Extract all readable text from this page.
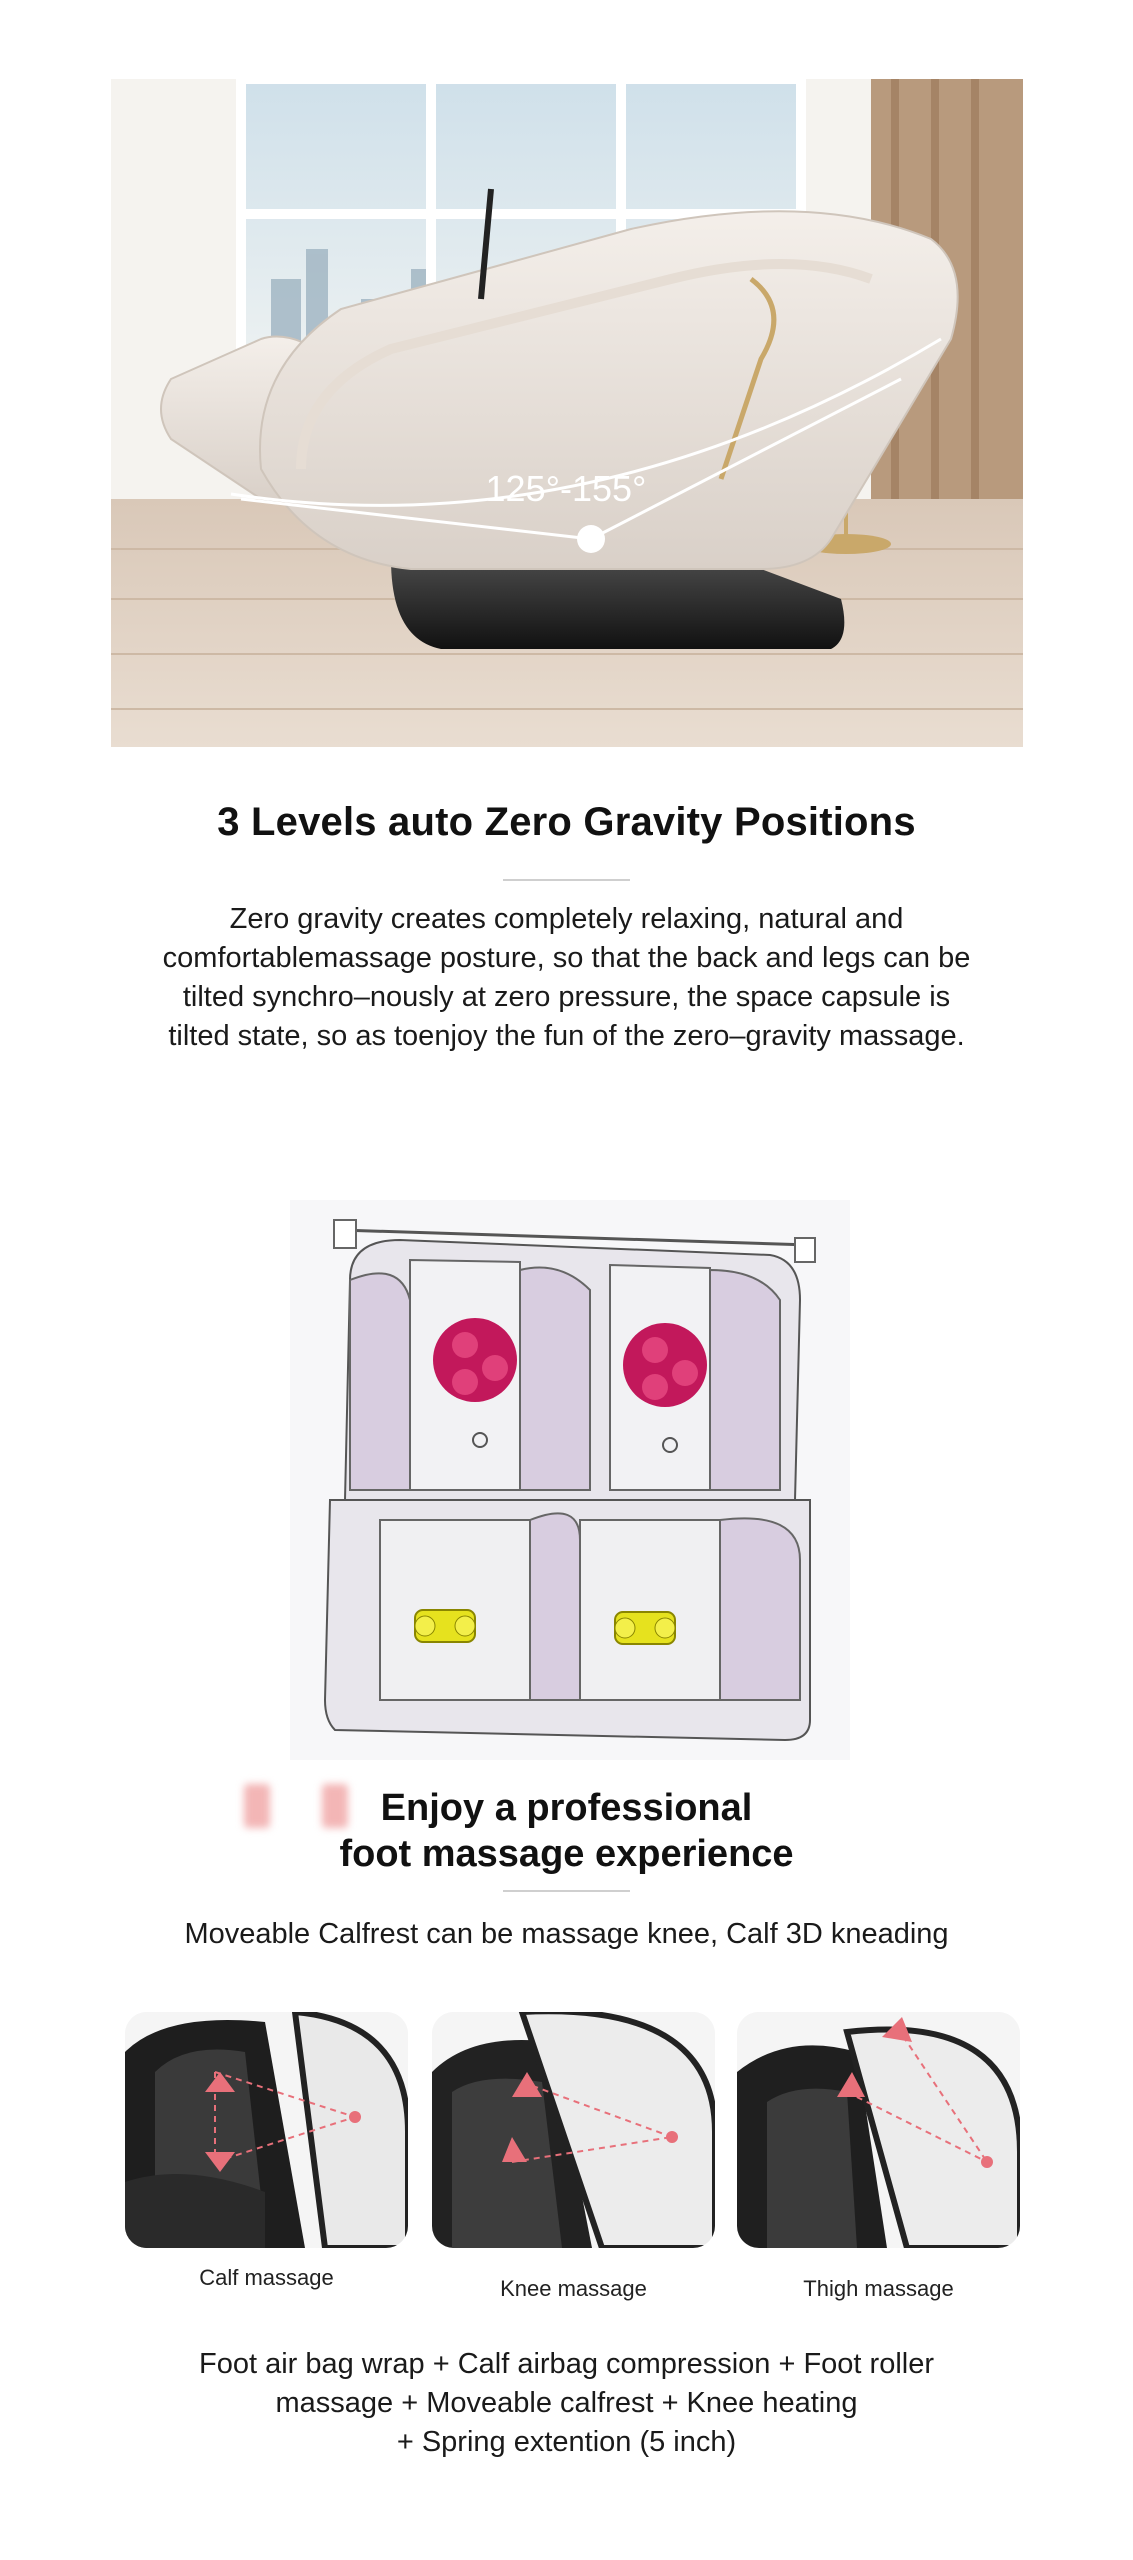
125°-155°
3 Levels auto Zero Gravity Positions
Zero gravity creates completely relaxing, natural and
comfortablemassage posture, so that the back and legs can be
tilted synchro–nously at zero pressure, the space capsule is
tilted state, so as toenjoy the fun of the zero–gravity massage.
Enjoy a professional
foot massage experience
Moveable Calfrest can be massage knee, Calf 3D kneading
Calf massage	Knee massage	Thigh massage
Foot air bag wrap + Calf airbag compression + Foot roller
massage + Moveable calfrest + Knee heating
+ Spring extention (5 inch)
